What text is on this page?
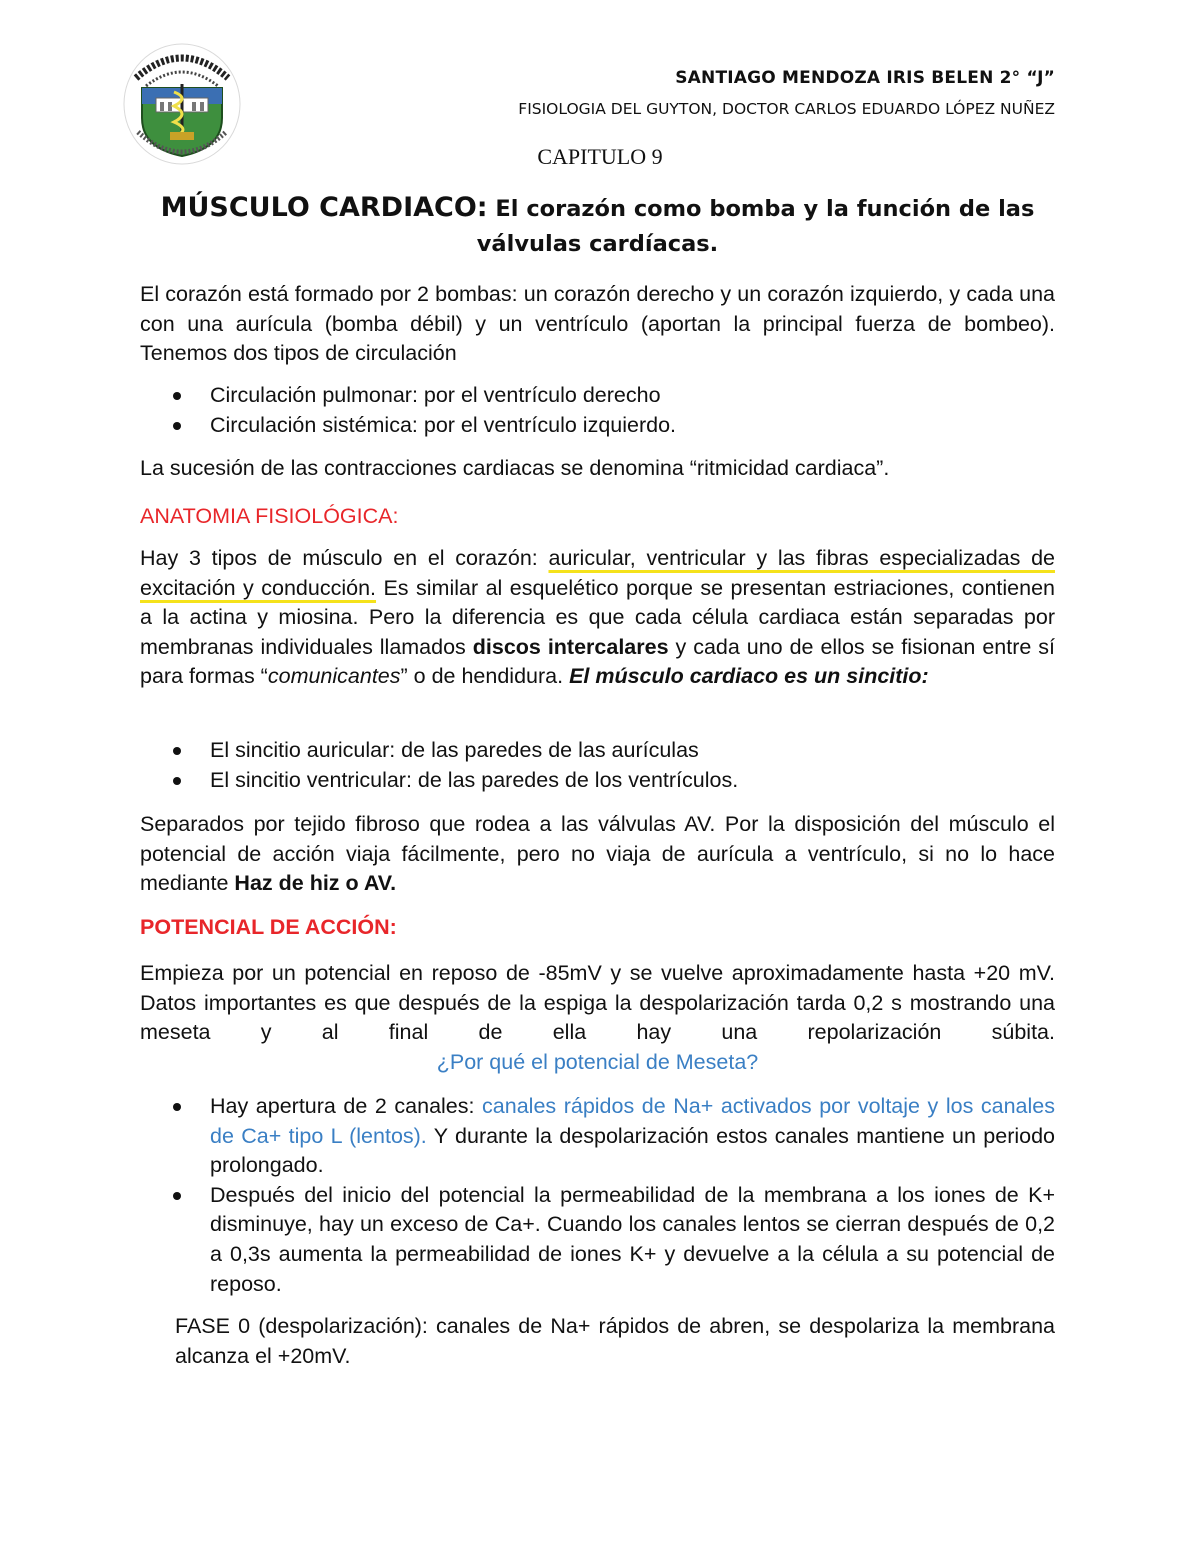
SANTIAGO MENDOZA IRIS BELEN 2° “J”
FISIOLOGIA DEL GUYTON, DOCTOR CARLOS EDUARDO LÓPEZ NUÑEZ
CAPITULO 9
MÚSCULO CARDIACO: El corazón como bomba y la función de las válvulas cardíacas.

El corazón está formado por 2 bombas: un corazón derecho y un corazón izquierdo, y cada una con una aurícula (bomba débil) y un ventrículo (aportan la principal fuerza de bombeo). Tenemos dos tipos de circulación

Circulación pulmonar: por el ventrículo derecho
Circulación sistémica: por el ventrículo izquierdo.

La sucesión de las contracciones cardiacas se denomina “ritmicidad cardiaca”.

ANATOMIA FISIOLÓGICA:

Hay 3 tipos de músculo en el corazón: auricular, ventricular y las fibras especializadas de excitación y conducción. Es similar al esquelético porque se presentan estriaciones, contienen a la actina y miosina. Pero la diferencia es que cada célula cardiaca están separadas por membranas individuales llamados discos intercalares y cada uno de ellos se fisionan entre sí para formas “comunicantes” o de hendidura. El músculo cardiaco es un sincitio:

El sincitio auricular: de las paredes de las aurículas
El sincitio ventricular: de las paredes de los ventrículos.

Separados por tejido fibroso que rodea a las válvulas AV. Por la disposición del músculo el potencial de acción viaja fácilmente, pero no viaja de aurícula a ventrículo, si no lo hace mediante Haz de hiz o AV.

POTENCIAL DE ACCIÓN:

Empieza por un potencial en reposo de -85mV y se vuelve aproximadamente hasta +20 mV. Datos importantes es que después de la espiga la despolarización tarda 0,2 s mostrando una meseta y al final de ella hay una repolarización súbita.

¿Por qué el potencial de Meseta?

Hay apertura de 2 canales: canales rápidos de Na+ activados por voltaje y los canales de Ca+ tipo L (lentos). Y durante la despolarización estos canales mantiene un periodo prolongado.
Después del inicio del potencial la permeabilidad de la membrana a los iones de K+ disminuye, hay un exceso de Ca+. Cuando los canales lentos se cierran después de 0,2 a 0,3s aumenta la permeabilidad de iones K+ y devuelve a la célula a su potencial de reposo.

FASE 0 (despolarización): canales de Na+ rápidos de abren, se despolariza la membrana alcanza el +20mV.
